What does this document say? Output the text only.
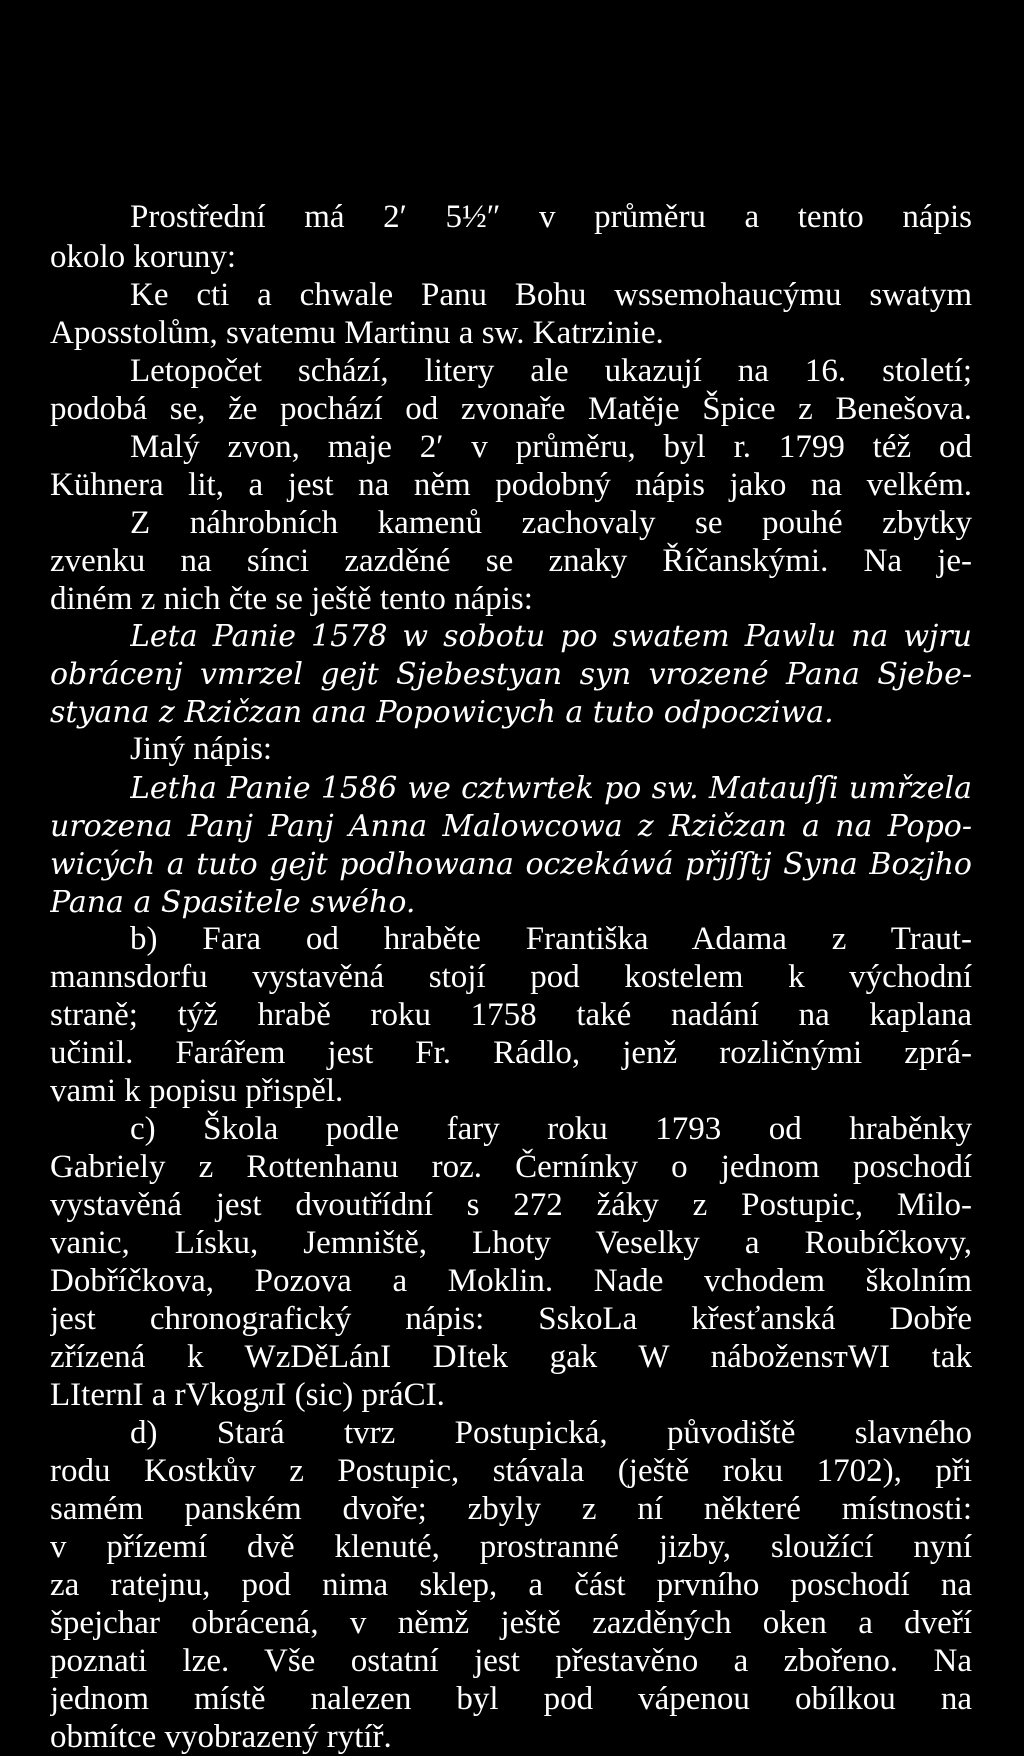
Prostřední má 2′ 5½″ v průměru a tento nápis
okolo koruny:
Ke cti a chwale Panu Bohu wssemohaucýmu swatym
Aposstolům, svatemu Martinu a sw. Katrzinie.
Letopočet schází, litery ale ukazují na 16. století;
podobá se, že pochází od zvonaře Matěje Špice z Benešova.
Malý zvon, maje 2′ v průměru, byl r. 1799 též od
Kühnera lit, a jest na něm podobný nápis jako na velkém.
Z náhrobních kamenů zachovaly se pouhé zbytky
zvenku na sínci zazděné se znaky Říčanskými. Na je-
diném z nich čte se ještě tento nápis:
Leta Panie 1578 w sobotu po swatem Pawlu na wjru
obrácenj vmrzel gejt Sjebestyan syn vrozené Pana Sjebe-
styana z Rzičzan ana Popowicych a tuto odpocziwa.
Jiný nápis:
Letha Panie 1586 we cztwrtek po sw. Matauſſi umřzela
urozena Panj Panj Anna Malowcowa z Rzičzan a na Popo-
wicých a tuto gejt podhowana oczekáwá přjſſtj Syna Bozjho
Pana a Spasitele swého.
b) Fara od hraběte Františka Adama z Traut-
mannsdorfu vystavěná stojí pod kostelem k východní
straně; týž hrabě roku 1758 také nadání na kaplana
učinil. Farářem jest Fr. Rádlo, jenž rozličnými zprá-
vami k popisu přispěl.
c) Škola podle fary roku 1793 od hraběnky
Gabriely z Rottenhanu roz. Černínky o jednom poschodí
vystavěná jest dvoutřídní s 272 žáky z Postupic, Milo-
vanic, Lísku, Jemniště, Lhoty Veselky a Roubíčkovy,
Dobříčkova, Pozova a Moklin. Nade vchodem školním
jest chronografický nápis: SskoLa křesťanská Dobře
zřízená k WzDěLánI DItek gak W nábožensтWI tak
LIternI a rVkogлI (sic) práCI.
d) Stará tvrz Postupická, původiště slavného
rodu Kostkův z Postupic, stávala (ještě roku 1702), při
samém panském dvoře; zbyly z ní některé místnosti:
v přízemí dvě klenuté, prostranné jizby, sloužící nyní
za ratejnu, pod nima sklep, a část prvního poschodí na
špejchar obrácená, v němž ještě zazděných oken a dveří
poznati lze. Vše ostatní jest přestavěno a zbořeno. Na
jednom místě nalezen byl pod vápenou obílkou na
obmítce vyobrazený rytíř.
